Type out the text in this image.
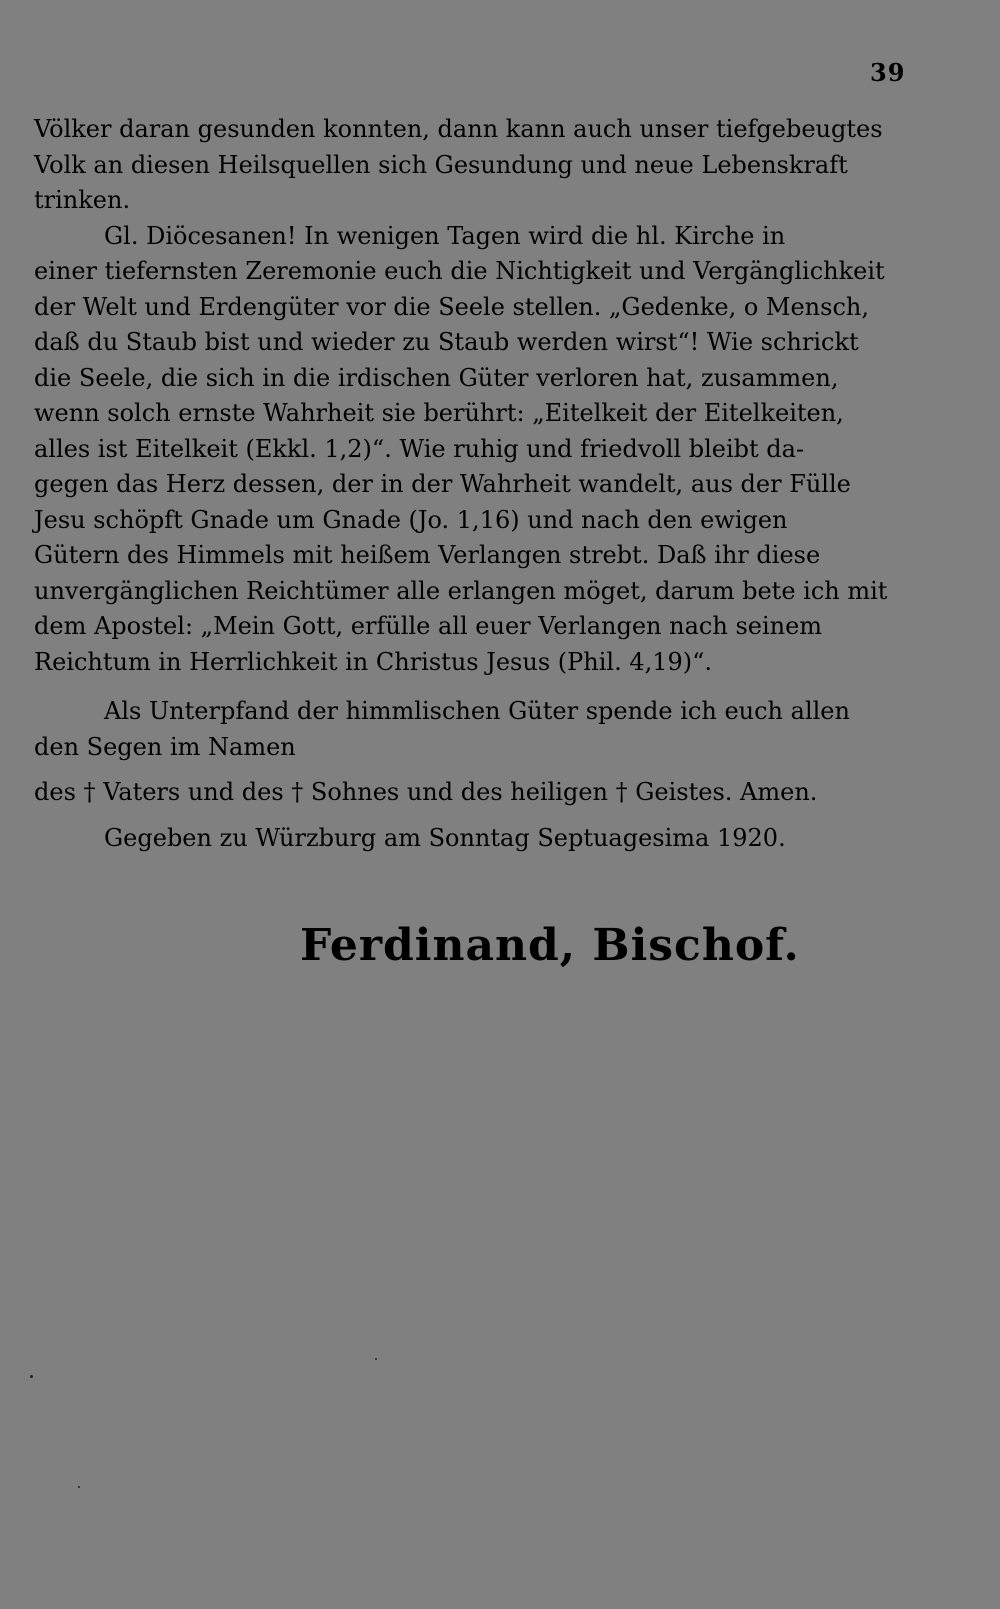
39

Völker daran gesunden konnten, dann kann auch unser tiefgebeugtes
Volk an diesen Heilsquellen sich Gesundung und neue Lebenskraft
trinken.

Gl. Diöcesanen! In wenigen Tagen wird die hl. Kirche in
einer tiefernsten Zeremonie euch die Nichtigkeit und Vergänglichkeit
der Welt und Erdengüter vor die Seele stellen. „Gedenke, o Mensch,
daß du Staub bist und wieder zu Staub werden wirst“! Wie schrickt
die Seele, die sich in die irdischen Güter verloren hat, zusammen,
wenn solch ernste Wahrheit sie berührt: „Eitelkeit der Eitelkeiten,
alles ist Eitelkeit (Ekkl. 1,2)“. Wie ruhig und friedvoll bleibt da-
gegen das Herz dessen, der in der Wahrheit wandelt, aus der Fülle
Jesu schöpft Gnade um Gnade (Jo. 1,16) und nach den ewigen
Gütern des Himmels mit heißem Verlangen strebt. Daß ihr diese
unvergänglichen Reichtümer alle erlangen möget, darum bete ich mit
dem Apostel: „Mein Gott, erfülle all euer Verlangen nach seinem
Reichtum in Herrlichkeit in Christus Jesus (Phil. 4,19)“.

Als Unterpfand der himmlischen Güter spende ich euch allen
den Segen im Namen

des † Vaters und des † Sohnes und des heiligen † Geistes. Amen.

Gegeben zu Würzburg am Sonntag Septuagesima 1920.

Ferdinand, Bischof.
